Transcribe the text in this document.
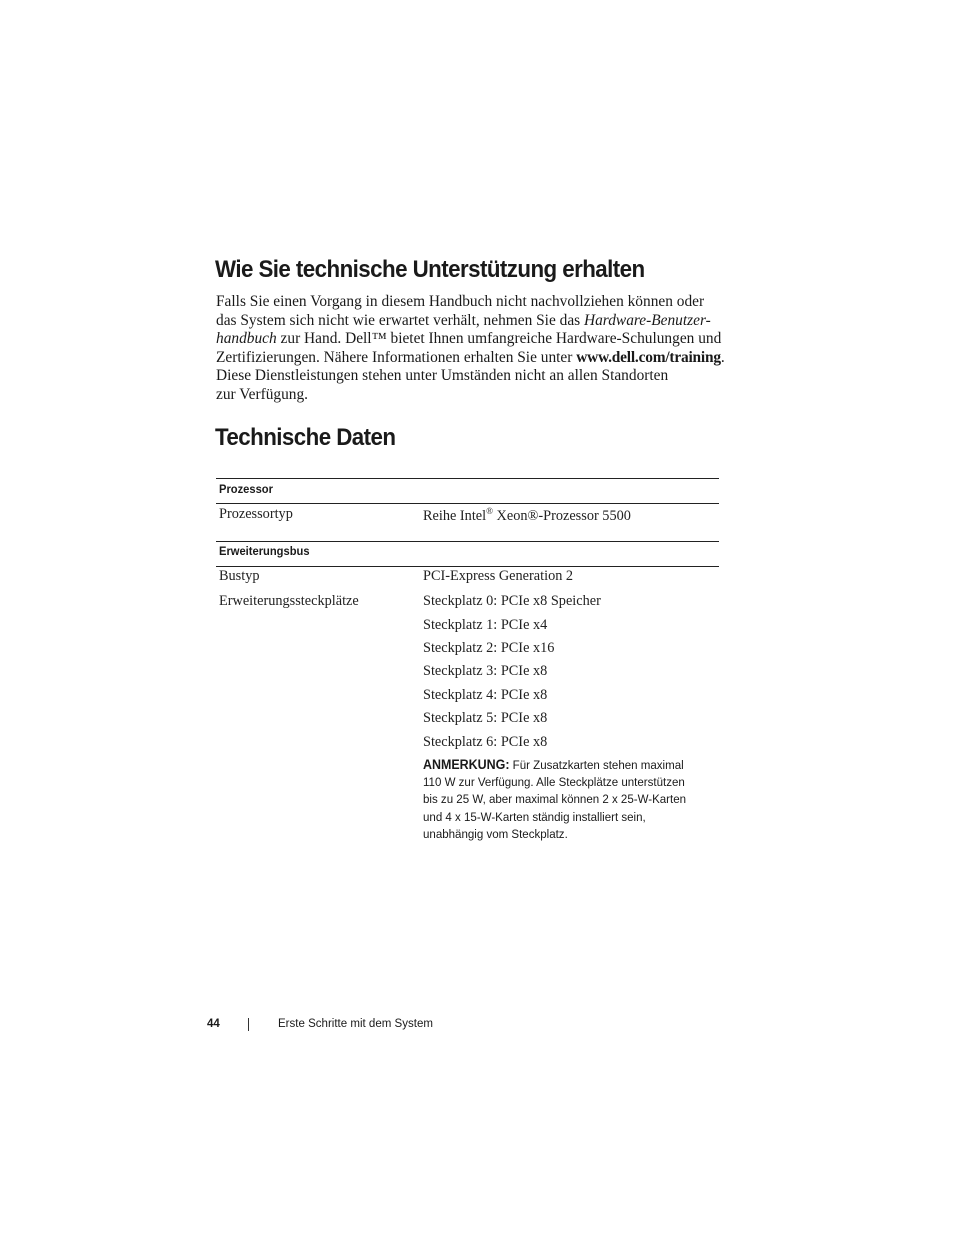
Wie Sie technische Unterstützung erhalten
Falls Sie einen Vorgang in diesem Handbuch nicht nachvollziehen können oder
das System sich nicht wie erwartet verhält, nehmen Sie das Hardware-Benutzer-
handbuch zur Hand. Dell™ bietet Ihnen umfangreiche Hardware-Schulungen und
Zertifizierungen. Nähere Informationen erhalten Sie unter www.dell.com/training.
Diese Dienstleistungen stehen unter Umständen nicht an allen Standorten
zur Verfügung.
Technische Daten
Prozessor
Prozessortyp	Reihe Intel® Xeon®-Prozessor 5500
Erweiterungsbus
Bustyp	PCI-Express Generation 2
Erweiterungssteckplätze	Steckplatz 0: PCIe x8 Speicher
Steckplatz 1: PCIe x4
Steckplatz 2: PCIe x16
Steckplatz 3: PCIe x8
Steckplatz 4: PCIe x8
Steckplatz 5: PCIe x8
Steckplatz 6: PCIe x8
ANMERKUNG: Für Zusatzkarten stehen maximal
110 W zur Verfügung. Alle Steckplätze unterstützen
bis zu 25 W, aber maximal können 2 x 25-W-Karten
und 4 x 15-W-Karten ständig installiert sein,
unabhängig vom Steckplatz.
44	Erste Schritte mit dem System
